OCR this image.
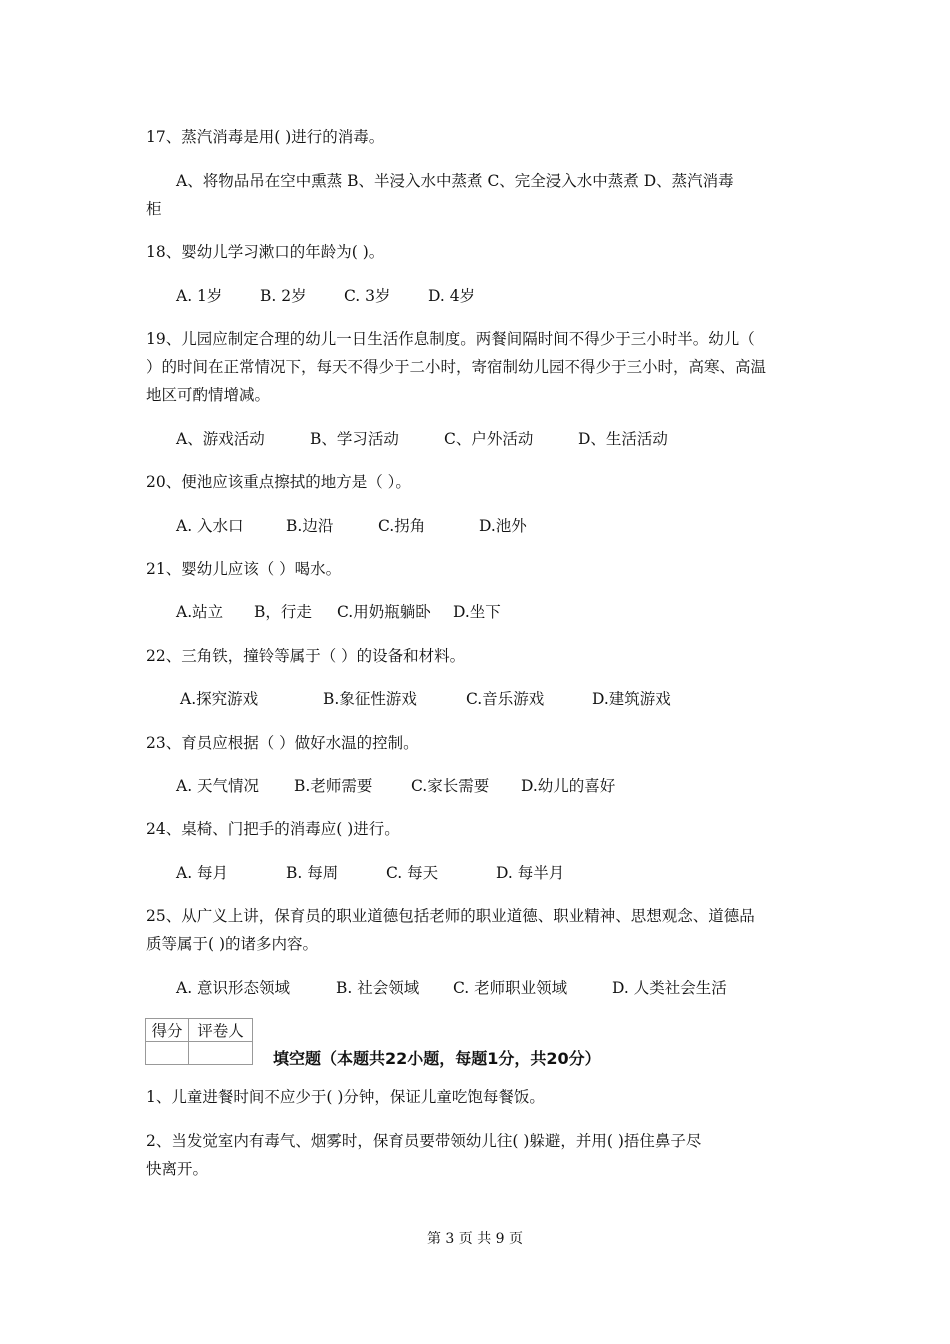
17、蒸汽消毒是用( )进行的消毒。
A、将物品吊在空中熏蒸 B、半浸入水中蒸煮 C、完全浸入水中蒸煮 D、蒸汽消毒
柜
18、婴幼儿学习漱口的年龄为( )。
A. 1岁 B. 2岁 C. 3岁 D. 4岁
19、儿园应制定合理的幼儿一日生活作息制度。两餐间隔时间不得少于三小时半。幼儿（
）的时间在正常情况下，每天不得少于二小时，寄宿制幼儿园不得少于三小时，高寒、高温
地区可酌情增减。
A、游戏活动	B、学习活动	C、户外活动	D、生活活动
20、便池应该重点擦拭的地方是（ ）。
A. 入水口	B.边沿	C.拐角	D.池外
21、婴幼儿应该（ ）喝水。
A.站立 B，行走 C.用奶瓶躺卧 D.坐下
22、三角铁，撞铃等属于（ ）的设备和材料。
A.探究游戏	B.象征性游戏	C.音乐游戏	D.建筑游戏
23、育员应根据（ ）做好水温的控制。
A. 天气情况 B.老师需要 C.家长需要 D.幼儿的喜好
24、桌椅、门把手的消毒应( )进行。
A. 每月	B. 每周	C. 每天	D. 每半月
25、从广义上讲，保育员的职业道德包括老师的职业道德、职业精神、思想观念、道德品
质等属于( )的诸多内容。
A. 意识形态领域	B. 社会领域 C. 老师职业领域	D. 人类社会生活
得分	评卷人

填空题（本题共22小题，每题1分，共20分）
1、儿童进餐时间不应少于( )分钟，保证儿童吃饱每餐饭。
2、当发觉室内有毒气、烟雾时，保育员要带领幼儿往( )躲避，并用( )捂住鼻子尽
快离开。
第 3 页 共 9 页
